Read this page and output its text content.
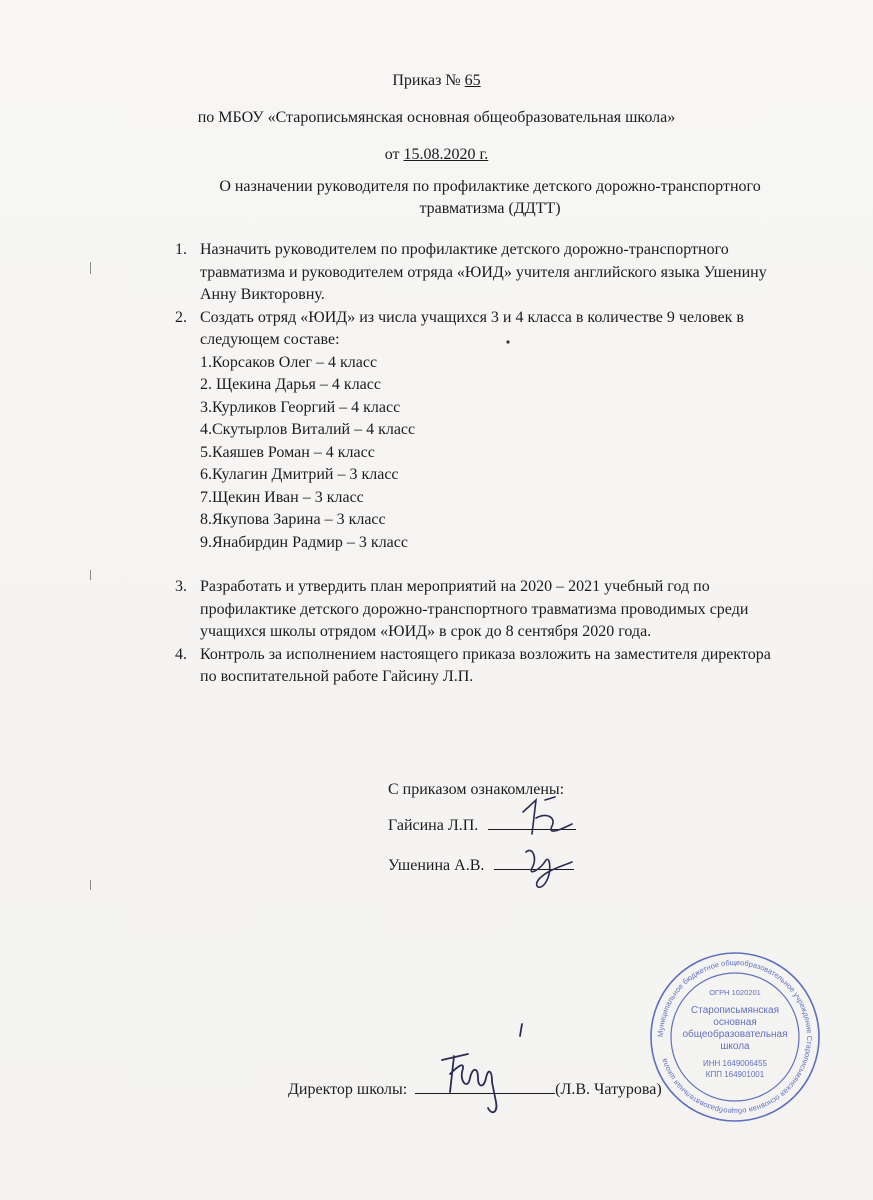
Приказ № 65
по МБОУ «Старописьмянская основная общеобразовательная школа»
от 15.08.2020 г.
О назначении руководителя по профилактике детского дорожно-транспортного
травматизма (ДДТТ)
1. Назначить руководителем по профилактике детского дорожно-транспортного
травматизма и руководителем отряда «ЮИД» учителя английского языка Ушенину
Анну Викторовну.
2. Создать отряд «ЮИД» из числа учащихся 3 и 4 класса в количестве 9 человек в
следующем составе:
1.Корсаков Олег – 4 класс
2. Щекина Дарья – 4 класс
3.Курликов Георгий – 4 класс
4.Скутырлов Виталий – 4 класс
5.Каяшев Роман – 4 класс
6.Кулагин Дмитрий – 3 класс
7.Щекин Иван – 3 класс
8.Якупова Зарина – 3 класс
9.Янабирдин Радмир – 3 класс
3. Разработать и утвердить план мероприятий на 2020 – 2021 учебный год по
профилактике детского дорожно-транспортного травматизма проводимых среди
учащихся школы отрядом «ЮИД» в срок до 8 сентября 2020 года.
4. Контроль за исполнением настоящего приказа возложить на заместителя директора
по воспитательной работе Гайсину Л.П.
С приказом ознакомлены:
Гайсина Л.П.
Ушенина А.В.
Директор школы:	(Л.В. Чатурова)
Муниципальное бюджетное общеобразовательное учреждение Старописьмянская основная общеобразовательная школа
ОГРН 1020201
Старописьмянская
основная
общеобразовательная
школа
ИНН 1649006455
КПП 164901001
